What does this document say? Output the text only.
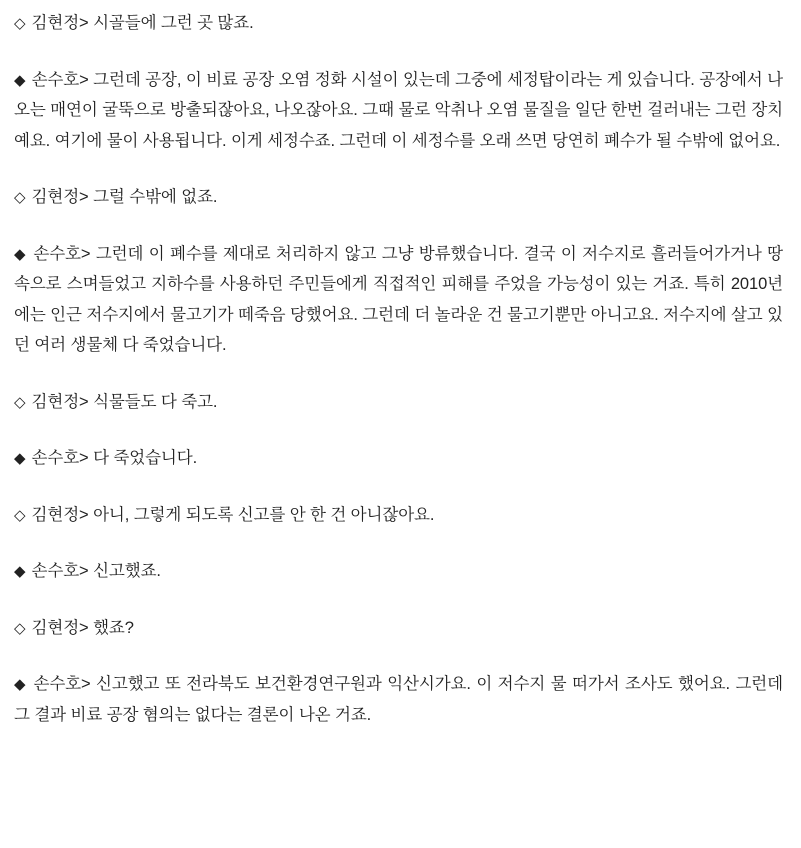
◇ 김현정> 시골들에 그런 곳 많죠.

◆ 손수호> 그런데 공장, 이 비료 공장 오염 정화 시설이 있는데 그중에 세정탑이라는 게 있습니다. 공장에서 나오는 매연이 굴뚝으로 방출되잖아요, 나오잖아요. 그때 물로 악취나 오염 물질을 일단 한번 걸러내는 그런 장치예요. 여기에 물이 사용됩니다. 이게 세정수죠. 그런데 이 세정수를 오래 쓰면 당연히 폐수가 될 수밖에 없어요.

◇ 김현정> 그럴 수밖에 없죠.

◆ 손수호> 그런데 이 폐수를 제대로 처리하지 않고 그냥 방류했습니다. 결국 이 저수지로 흘러들어가거나 땅속으로 스며들었고 지하수를 사용하던 주민들에게 직접적인 피해를 주었을 가능성이 있는 거죠. 특히 2010년에는 인근 저수지에서 물고기가 떼죽음 당했어요. 그런데 더 놀라운 건 물고기뿐만 아니고요. 저수지에 살고 있던 여러 생물체 다 죽었습니다.

◇ 김현정> 식물들도 다 죽고.

◆ 손수호> 다 죽었습니다.

◇ 김현정> 아니, 그렇게 되도록 신고를 안 한 건 아니잖아요.

◆ 손수호> 신고했죠.

◇ 김현정> 했죠?

◆ 손수호> 신고했고 또 전라북도 보건환경연구원과 익산시가요. 이 저수지 물 떠가서 조사도 했어요. 그런데 그 결과 비료 공장 혐의는 없다는 결론이 나온 거죠.
